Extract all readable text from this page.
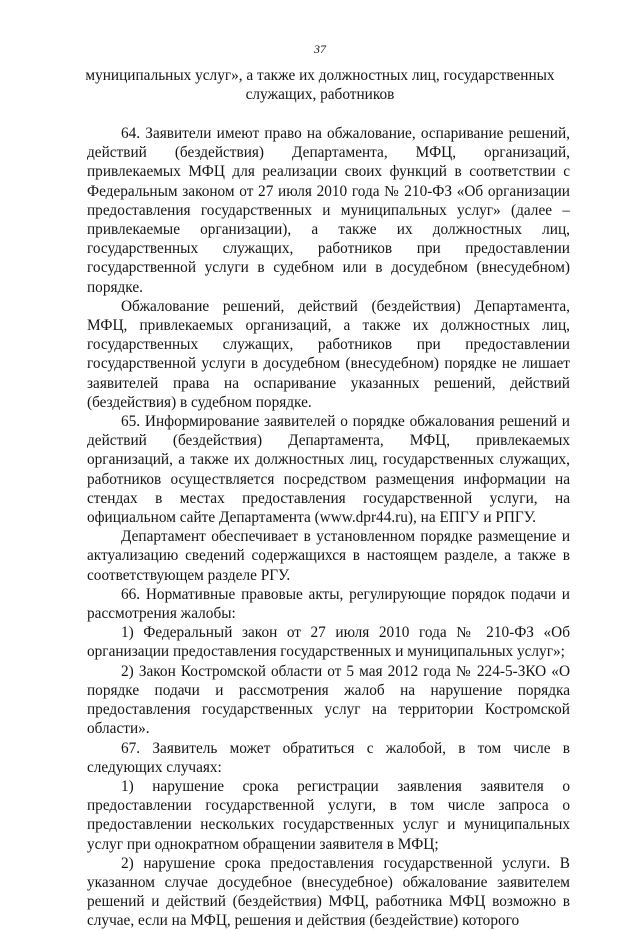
37
муниципальных услуг», а также их должностных лиц, государственных
служащих, работников

64. Заявители имеют право на обжалование, оспаривание решений, действий (бездействия) Департамента, МФЦ, организаций, привлекаемых МФЦ для реализации своих функций в соответствии с Федеральным законом от 27 июля 2010 года № 210-ФЗ «Об организации предоставления государственных и муниципальных услуг» (далее – привлекаемые организации), а также их должностных лиц, государственных служащих, работников при предоставлении государственной услуги в судебном или в досудебном (внесудебном) порядке.

Обжалование решений, действий (бездействия) Департамента, МФЦ, привлекаемых организаций, а также их должностных лиц, государственных служащих, работников при предоставлении государственной услуги в досудебном (внесудебном) порядке не лишает заявителей права на оспаривание указанных решений, действий (бездействия) в судебном порядке.

65. Информирование заявителей о порядке обжалования решений и действий (бездействия) Департамента, МФЦ, привлекаемых организаций, а также их должностных лиц, государственных служащих, работников осуществляется посредством размещения информации на стендах в местах предоставления государственной услуги, на официальном сайте Департамента (www.dpr44.ru), на ЕПГУ и РПГУ.

Департамент обеспечивает в установленном порядке размещение и актуализацию сведений содержащихся в настоящем разделе, а также в соответствующем разделе РГУ.

66. Нормативные правовые акты, регулирующие порядок подачи и рассмотрения жалобы:

1) Федеральный закон от 27 июля 2010 года № 210-ФЗ «Об организации предоставления государственных и муниципальных услуг»;

2) Закон Костромской области от 5 мая 2012 года № 224-5-ЗКО «О порядке подачи и рассмотрения жалоб на нарушение порядка предоставления государственных услуг на территории Костромской области».

67. Заявитель может обратиться с жалобой, в том числе в следующих случаях:

1) нарушение срока регистрации заявления заявителя о предоставлении государственной услуги, в том числе запроса о предоставлении нескольких государственных услуг и муниципальных услуг при однократном обращении заявителя в МФЦ;

2) нарушение срока предоставления государственной услуги. В указанном случае досудебное (внесудебное) обжалование заявителем решений и действий (бездействия) МФЦ, работника МФЦ возможно в случае, если на МФЦ, решения и действия (бездействие) которого
